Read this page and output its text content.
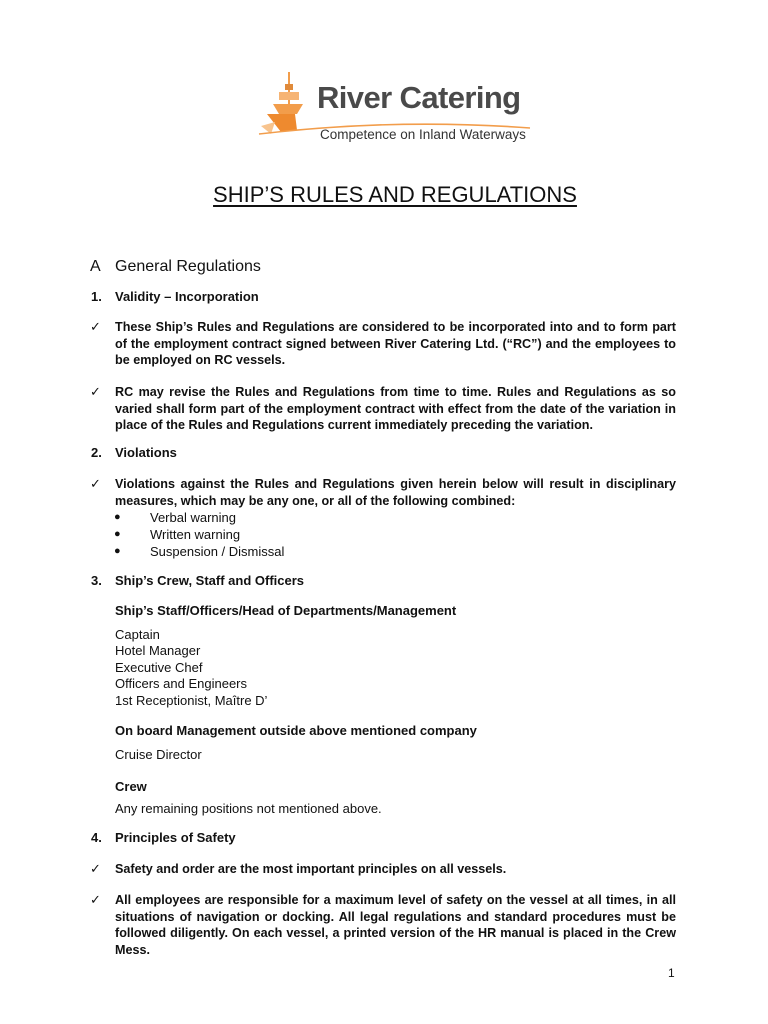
River Catering
Competence on Inland Waterways
SHIP’S RULES AND REGULATIONS
A General Regulations
1. Validity – Incorporation
✓ These Ship’s Rules and Regulations are considered to be incorporated into and to form part of the employment contract signed between River Catering Ltd. (“RC”) and the employees to be employed on RC vessels.
✓ RC may revise the Rules and Regulations from time to time. Rules and Regulations as so varied shall form part of the employment contract with effect from the date of the variation in place of the Rules and Regulations current immediately preceding the variation.
2. Violations
✓ Violations against the Rules and Regulations given herein below will result in disciplinary measures, which may be any one, or all of the following combined:
● Verbal warning
● Written warning
● Suspension / Dismissal
3. Ship’s Crew, Staff and Officers
Ship’s Staff/Officers/Head of Departments/Management
Captain
Hotel Manager
Executive Chef
Officers and Engineers
1st Receptionist, Maître D’
On board Management outside above mentioned company
Cruise Director
Crew
Any remaining positions not mentioned above.
4. Principles of Safety
✓ Safety and order are the most important principles on all vessels.
✓ All employees are responsible for a maximum level of safety on the vessel at all times, in all situations of navigation or docking. All legal regulations and standard procedures must be followed diligently. On each vessel, a printed version of the HR manual is placed in the Crew Mess.
1
